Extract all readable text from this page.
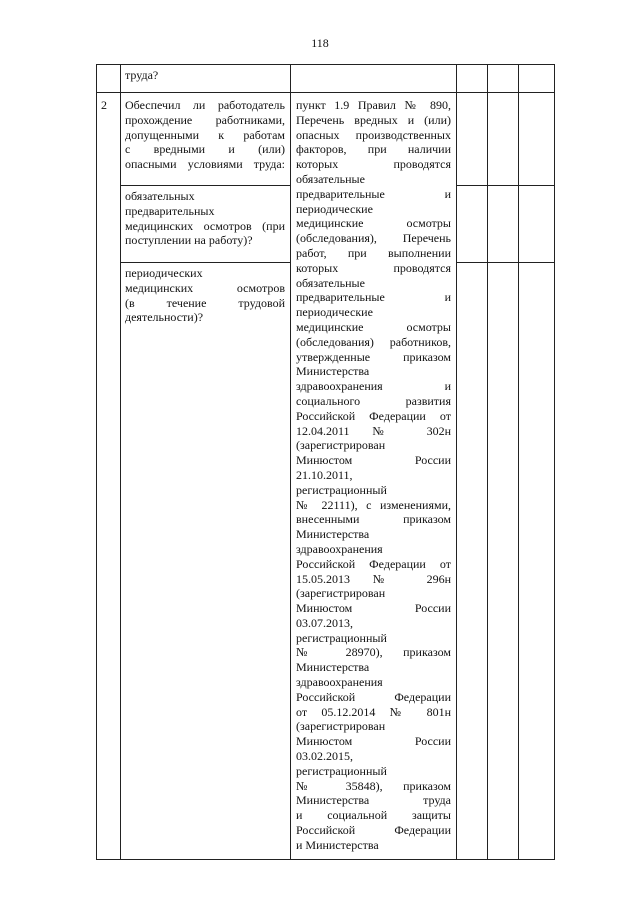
118
труда?
2 Обеспечил ли работодатель
прохождение работниками,
допущенными к работам
с вредными и (или)
опасными условиями труда:
обязательных
предварительных
медицинских осмотров (при
поступлении на работу)?
периодических
медицинских осмотров
(в течение трудовой
деятельности)?
пункт 1.9 Правил № 890,
Перечень вредных и (или)
опасных производственных
факторов, при наличии
которых проводятся
обязательные
предварительные и
периодические
медицинские осмотры
(обследования), Перечень
работ, при выполнении
которых проводятся
обязательные
предварительные и
периодические
медицинские осмотры
(обследования) работников,
утвержденные приказом
Министерства
здравоохранения и
социального развития
Российской Федерации от
12.04.2011 № 302н
(зарегистрирован
Минюстом России
21.10.2011,
регистрационный
№ 22111), с изменениями,
внесенными приказом
Министерства
здравоохранения
Российской Федерации от
15.05.2013 № 296н
(зарегистрирован
Минюстом России
03.07.2013,
регистрационный
№ 28970), приказом
Министерства
здравоохранения
Российской Федерации
от 05.12.2014 № 801н
(зарегистрирован
Минюстом России
03.02.2015,
регистрационный
№ 35848), приказом
Министерства труда
и социальной защиты
Российской Федерации
и Министерства
